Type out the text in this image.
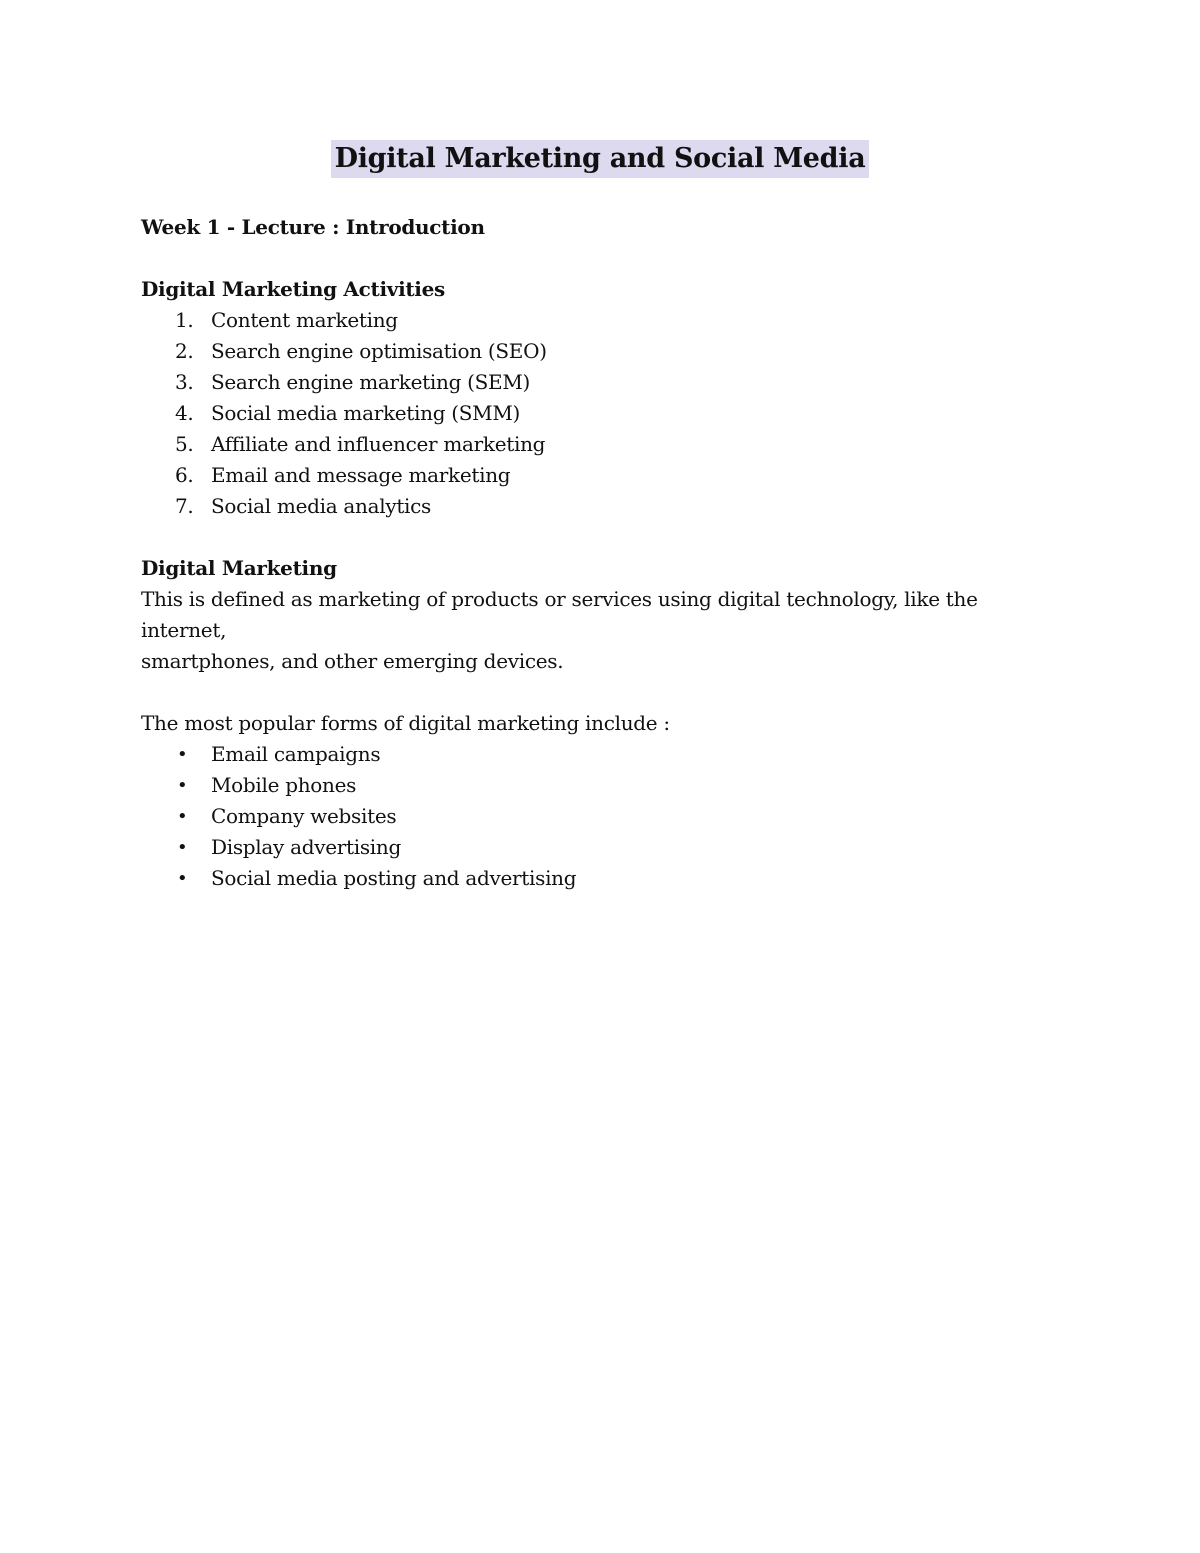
Digital Marketing and Social Media

Week 1 - Lecture : Introduction

Digital Marketing Activities

1. Content marketing
2. Search engine optimisation (SEO)
3. Search engine marketing (SEM)
4. Social media marketing (SMM)
5. Affiliate and influencer marketing
6. Email and message marketing
7. Social media analytics

Digital Marketing

This is defined as marketing of products or services using digital technology, like the internet,

smartphones, and other emerging devices.

The most popular forms of digital marketing include :

• Email campaigns
• Mobile phones
• Company websites
• Display advertising
• Social media posting and advertising
